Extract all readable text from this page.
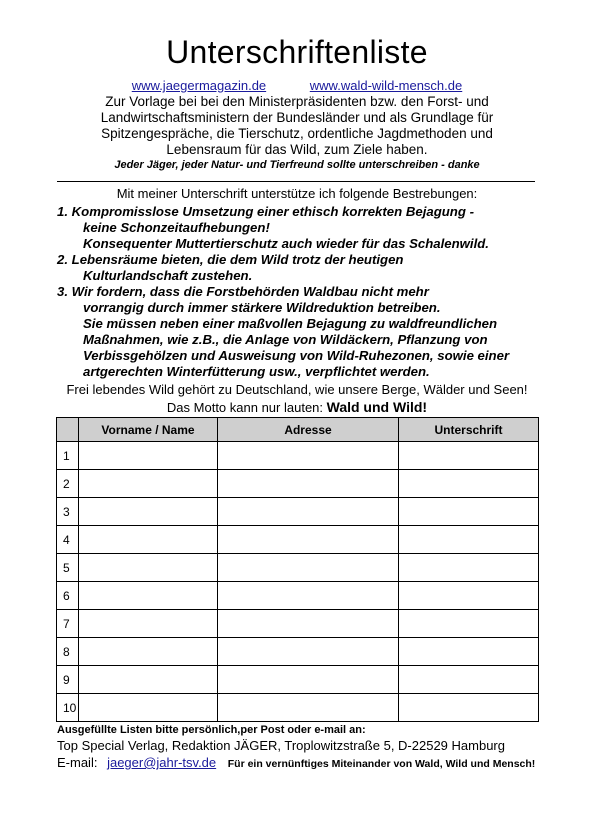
Unterschriftenliste
www.jaegermagazin.de	www.wald-wild-mensch.de
Zur Vorlage bei bei den Ministerpräsidenten bzw. den Forst- und
Landwirtschaftsministern der Bundesländer und als Grundlage für
Spitzengespräche, die Tierschutz, ordentliche Jagdmethoden und
Lebensraum für das Wild, zum Ziele haben.
Jeder Jäger, jeder Natur- und Tierfreund sollte unterschreiben - danke
Mit meiner Unterschrift unterstütze ich folgende Bestrebungen:
1. Kompromisslose Umsetzung einer ethisch korrekten Bejagung -
keine Schonzeitaufhebungen!
Konsequenter Muttertierschutz auch wieder für das Schalenwild.
2. Lebensräume bieten, die dem Wild trotz der heutigen
Kulturlandschaft zustehen.
3. Wir fordern, dass die Forstbehörden Waldbau nicht mehr
vorrangig durch immer stärkere Wildreduktion betreiben.
Sie müssen neben einer maßvollen Bejagung zu waldfreundlichen
Maßnahmen, wie z.B., die Anlage von Wildäckern, Pflanzung von
Verbissgehölzen und Ausweisung von Wild-Ruhezonen, sowie einer
artgerechten Winterfütterung usw., verpflichtet werden.
Frei lebendes Wild gehört zu Deutschland, wie unsere Berge, Wälder und Seen!
Das Motto kann nur lauten: Wald und Wild!
	Vorname / Name	Adresse	Unterschrift
1			
2			
3			
4			
5			
6			
7			
8			
9			
10			
Ausgefüllte Listen bitte persönlich,per Post oder e-mail an:
Top Special Verlag, Redaktion JÄGER, Troplowitzstraße 5, D-22529 Hamburg
E-mail: jaeger@jahr-tsv.de Für ein vernünftiges Miteinander von Wald, Wild und Mensch!
